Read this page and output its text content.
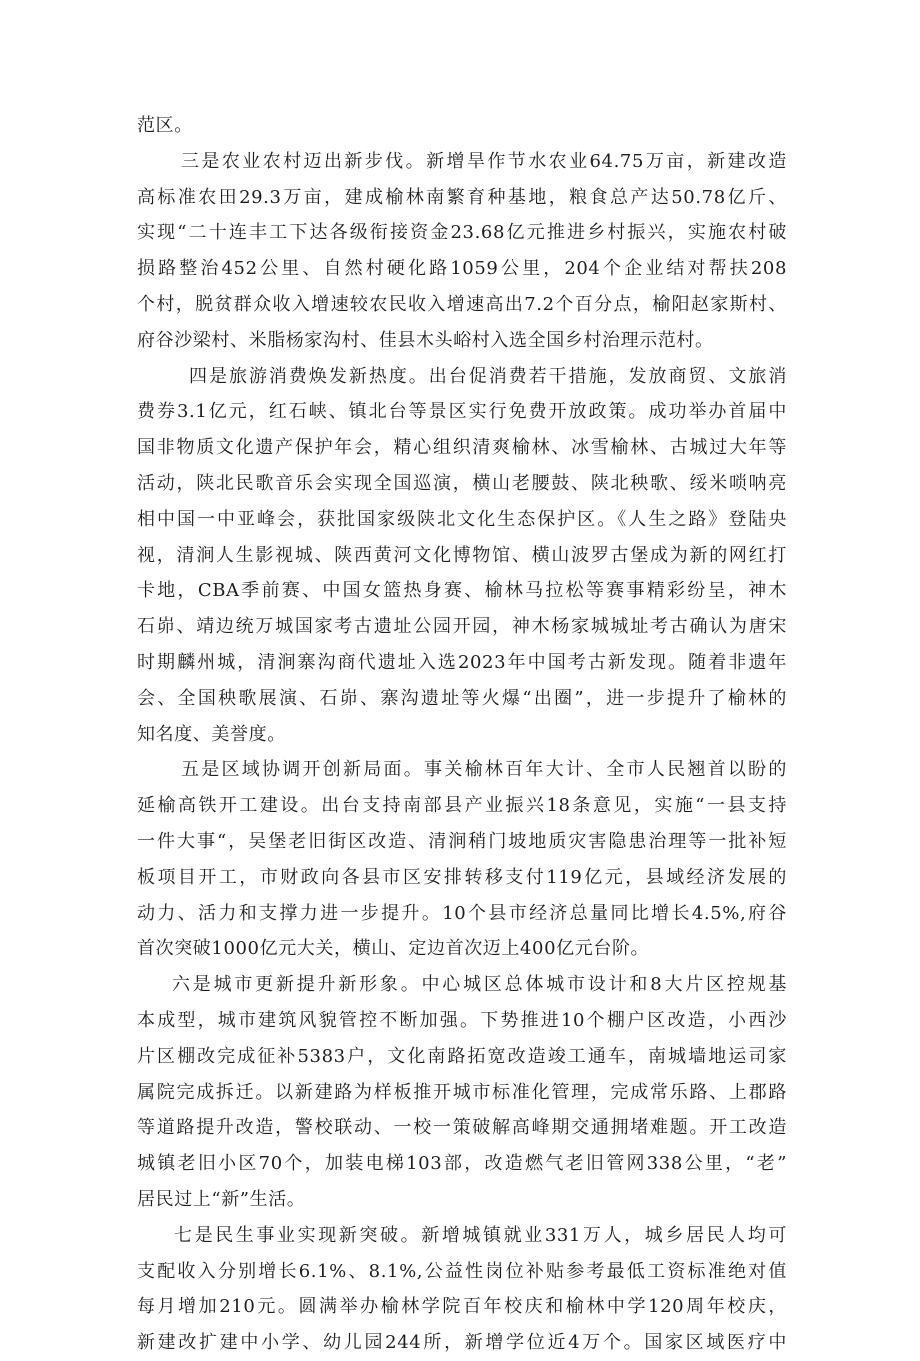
范区。
三是农业农村迈出新步伐。新增旱作节水农业64.75万亩，新建改造
高标准农田29.3万亩，建成榆林南繁育种基地，粮食总产达50.78亿斤、
实现“二十连丰工下达各级衔接资金23.68亿元推进乡村振兴，实施农村破
损路整治452公里、自然村硬化路1059公里，204个企业结对帮扶208
个村，脱贫群众收入增速较农民收入增速高出7.2个百分点，榆阳赵家斯村、
府谷沙梁村、米脂杨家沟村、佳县木头峪村入选全国乡村治理示范村。
四是旅游消费焕发新热度。出台促消费若干措施，发放商贸、文旅消
费券3.1亿元，红石峡、镇北台等景区实行免费开放政策。成功举办首届中
国非物质文化遗产保护年会，精心组织清爽榆林、冰雪榆林、古城过大年等
活动，陕北民歌音乐会实现全国巡演，横山老腰鼓、陕北秧歌、绥米唢呐亮
相中国一中亚峰会，获批国家级陕北文化生态保护区。《人生之路》登陆央
视，清涧人生影视城、陕西黄河文化博物馆、横山波罗古堡成为新的网红打
卡地，CBA季前赛、中国女篮热身赛、榆林马拉松等赛事精彩纷呈，神木
石峁、靖边统万城国家考古遗址公园开园，神木杨家城城址考古确认为唐宋
时期麟州城，清涧寨沟商代遗址入选2023年中国考古新发现。随着非遗年
会、全国秧歌展演、石峁、寨沟遗址等火爆“出圈”，进一步提升了榆林的
知名度、美誉度。
五是区域协调开创新局面。事关榆林百年大计、全市人民翘首以盼的
延榆高铁开工建设。出台支持南部县产业振兴18条意见，实施“一县支持
一件大事“，吴堡老旧街区改造、清涧稍门坡地质灾害隐患治理等一批补短
板项目开工，市财政向各县市区安排转移支付119亿元，县域经济发展的
动力、活力和支撑力进一步提升。10个县市经济总量同比增长4.5%,府谷
首次突破1000亿元大关，横山、定边首次迈上400亿元台阶。
六是城市更新提升新形象。中心城区总体城市设计和8大片区控规基
本成型，城市建筑风貌管控不断加强。下势推进10个棚户区改造，小西沙
片区棚改完成征补5383户，文化南路拓宽改造竣工通车，南城墙地运司家
属院完成拆迁。以新建路为样板推开城市标准化管理，完成常乐路、上郡路
等道路提升改造，警校联动、一校一策破解高峰期交通拥堵难题。开工改造
城镇老旧小区70个，加装电梯103部，改造燃气老旧管网338公里，“老”
居民过上“新”生活。
七是民生事业实现新突破。新增城镇就业331万人，城乡居民人均可
支配收入分别增长6.1%、8.1%,公益性岗位补贴参考最低工资标准绝对值
每月增加210元。圆满举办榆林学院百年校庆和榆林中学120周年校庆，
新建改扩建中小学、幼儿园244所，新增学位近4万个。国家区域医疗中
